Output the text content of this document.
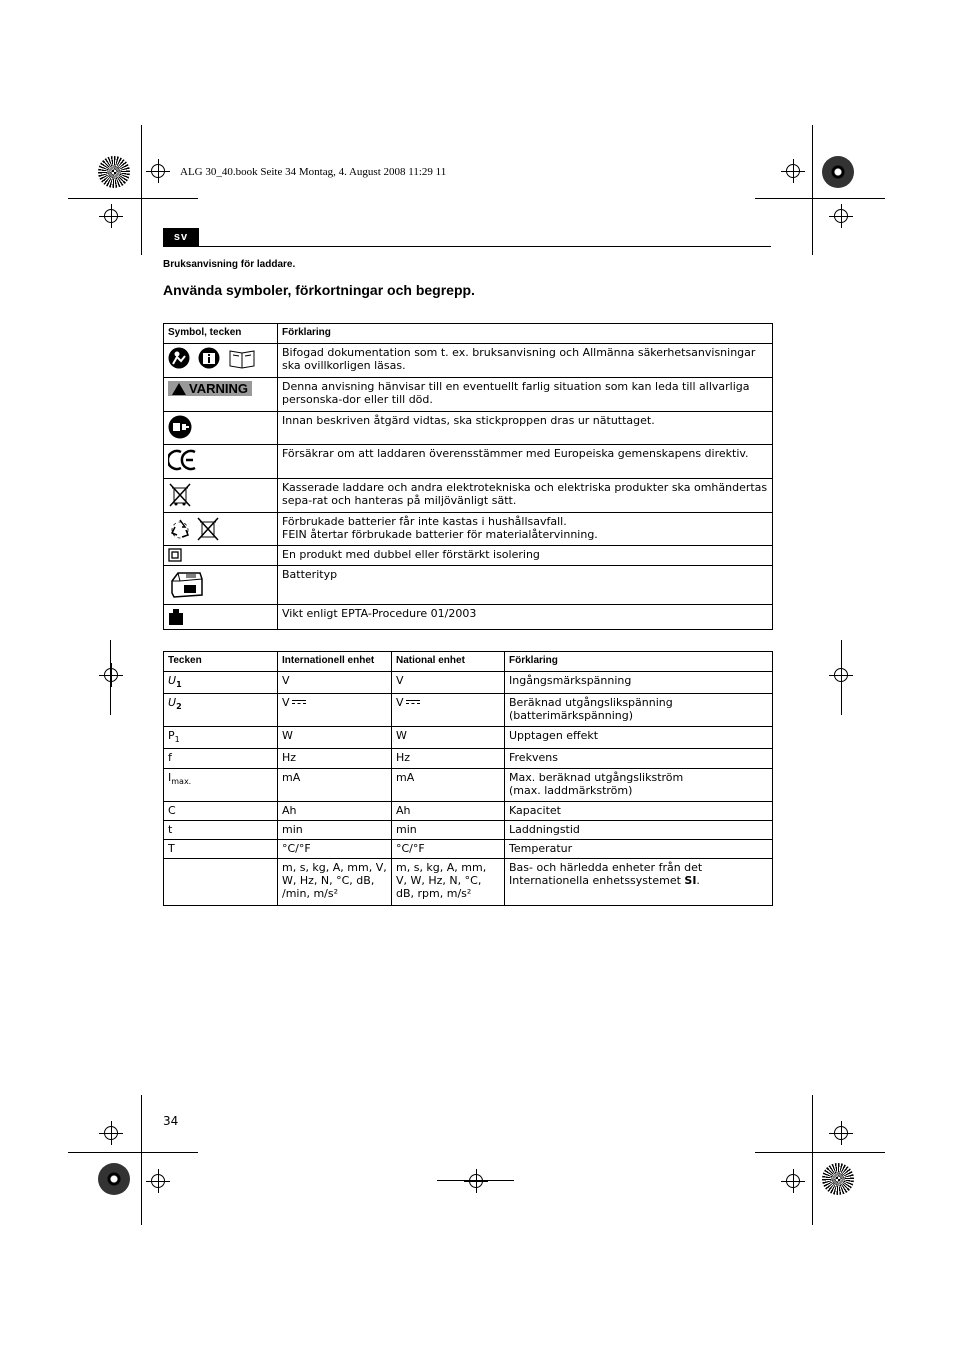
ALG 30_40.book Seite 34 Montag, 4. August 2008 11:29 11
sv
Bruksanvisning för laddare.
Använda symboler, förkortningar och begrepp.
Symbol, tecken	Förklaring

	Bifogad dokumentation som t. ex. bruksanvisning och Allmänna säkerhetsanvisningar ska ovillkorligen läsas.

VARNING	Denna anvisning hänvisar till en eventuellt farlig situation som kan leda till allvarliga personska-dor eller till död.

	Innan beskriven åtgärd vidtas, ska stickproppen dras ur nätuttaget.

	Försäkrar om att laddaren överensstämmer med Europeiska gemenskapens direktiv.

	Kasserade laddare och andra elektrotekniska och elektriska produkter ska omhändertas sepa-rat och hanteras på miljövänligt sätt.

Förbrukade batterier får inte kastas i hushållsavfall.
FEIN återtar förbrukade batterier för materialåtervinning.

	En produkt med dubbel eller förstärkt isolering

	Batterityp

	Vikt enligt EPTA-Procedure 01/2003
Tecken	Internationell enhet	National enhet	Förklaring
$U_1$	V	V	Ingångsmärkspänning
$U_2$	V	V	Beräknad utgångslikspänning
(batterimärkspänning)

$P_1$	W	W	Upptagen effekt
f	Hz	Hz	Frekvens
$I_{max.}$	mA	mA	Max. beräknad utgångslikström
(max. laddmärkström)

C	Ah	Ah	Kapacitet
t	min	min	Laddningstid
T	°C/°F	°C/°F	Temperatur
	m, s, kg, A, mm, V, W, Hz, N, °C, dB, /min, m/s²	m, s, kg, A, mm, V, W, Hz, N, °C, dB, rpm, m/s²	Bas- och härledda enheter från det Internationella enhetssystemet SI.
34
